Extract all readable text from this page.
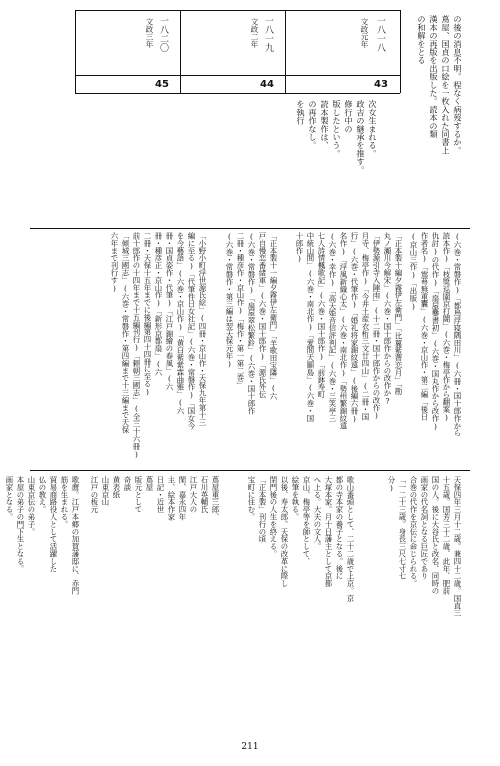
一八一八
文政元年
43
一八一九
文政二年
44
一八二〇
文政三年
45	の後の消息不明。程なく病歿するか。
蔦屋、国貞の口絵を一枚入れた同書上
漢本の再版を出版した。読本の類
の和解をとる　
次女生まれる。
政吉の継承を推す。
修行中の
版したという。
読本製作は、
の再作なし。
を執行
(六巻・常磐作)「都鳥浮寝隅田川」(六冊・国十郎作から
読本作)「枝獎巡園京打鬪」(六巻・梅亭作から翻案)
仇討)の代作)「扇屋爨書初」(六巻・国丸作から改作)
作者名)「鴬萼無重囊」(六巻・京山作・第二編「後日
(京山三作)「出版)
「正本製十編夕霧伊左衛門」「比翼紫薺恋月」「勘
丸ノ瀬川今解宋」(六巻・国十郎作からの改作か?
「伊勢源引寺入陣雨」(十二冊・国十郎作からの改作)
月寺、梅亭作)「今井土産衣桁三文廿四山」(二冊・国
行」(六巻・代筆作)「婚礼将家錦紋遠」(後編六冊)
名作)「浮風新織心太」(六巻・南北作)「勢州繁錦紋遠
(六巻・幸作)「高天姫音信評判記」(六巻・三笑亭三
七人詩情楓歌記」(六巻・国十郎作)「前鉢寿町
中統山間」(六巻・南北作)「愛間天顯島」(六巻・国
十郎作)
「正本製十一編夕霧伊左衛門」「羊歌田宝隣」(六
戸自慢恋番緒軍」(六巻・国十郎作)「源氏外伝
(六巻・常磐作)「扇屋翠松繁鈴」(六巻・国十郎作
二冊・種彦作・京山作)「梅作・第一第二巻」
(六巻・常磐作・第三編は翌天保元年)
「小野小町浮世源氏絵」(四冊・京山作・天保九年第十三
編に至る)「代筆件日女社記」(六巻・常磐作)「国女今
を今藝語」(六巻・京山作)「黄白紫紫霖曲雅」(六
冊・国貞姿作・代筆)「江戸錦繪の春風」(六
冊・種彦正・京山作)「新形京都扇」(六
二冊・天保十五年までに後編第四十四冊に至る)
前十郎作の十四年まで十五編刊行)「頼朝三國志」(全三十六冊)
「傾城三國志」(六巻・常磐作・第四編まで十三編まで天保
六年まで刊行す)
天保四年三月十二歳。兼四十二歳。国直三
十五歳。国芳三十二歳、此年、肥前
国の人。後に大谷氏と改名、同時の
画家の代名詞となる巨匠であり
合巻の代作を京伝に命じられる。
「一二十三歳。身長三尺七寸七
分)
歌山番頭として、二十二歳で上京。京
都の寺本家の養子となる。後に
大塚本家。月十日藩主として京都
へ上る。大夫の文人。
京山、梅亭等を師として、
絵筆を執る。
以後、寿太郎。天保の改革に際し
閉門後の人生を終える。
「正本製」刊行の頃
宝町に住む。
蔦屋重三郎、
石川英輔氏
江戸大人の
閑、嘉永四年
主、絵本作家
日記・近世
蔦屋
版元として
奇談
黄表紙
山東京山
江戸の板元
歌麿。江戸本郷の加賀藩邸に、赤門
筋を生まれる。
貿易商路役人として活躍した
仏の教え。
山東京伝の弟子。
本屋の弟子の門下生となる。
画家となる。
211
